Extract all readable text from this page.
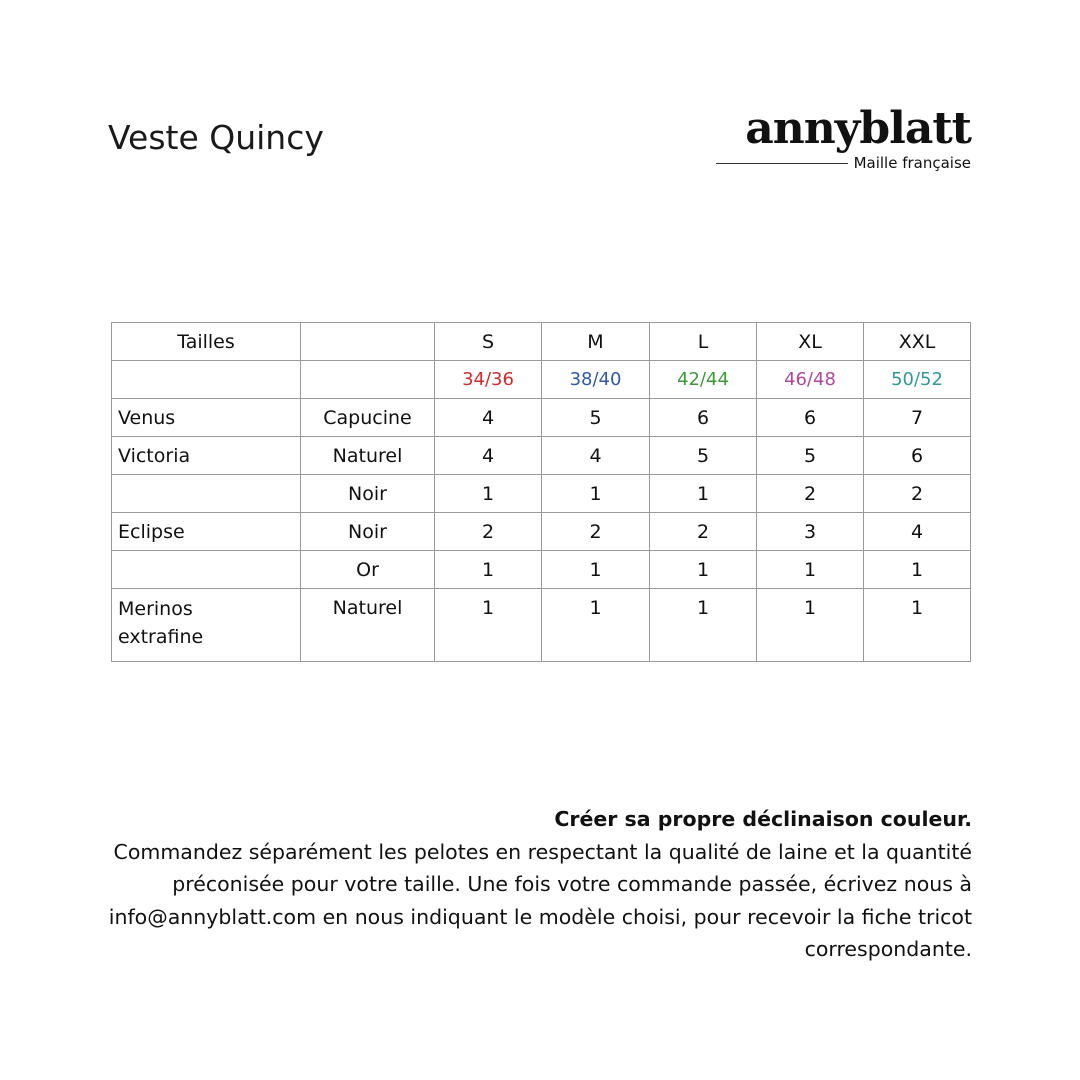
Veste Quincy	annyblatt
Maille française
Tailles		S	M	L	XL	XXL
		34/36	38/40	42/44	46/48	50/52
Venus	Capucine	4	5	6	6	7
Victoria	Naturel	4	4	5	5	6
	Noir	1	1	1	2	2
Eclipse	Noir	2	2	2	3	4
	Or	1	1	1	1	1
Merinos
extrafine	Naturel	1	1	1	1	1
Créer sa propre déclinaison couleur.
Commandez séparément les pelotes en respectant la qualité de laine et la quantité préconisée pour votre taille. Une fois votre commande passée, écrivez nous à info@annyblatt.com en nous indiquant le modèle choisi, pour recevoir la fiche tricot correspondante.
